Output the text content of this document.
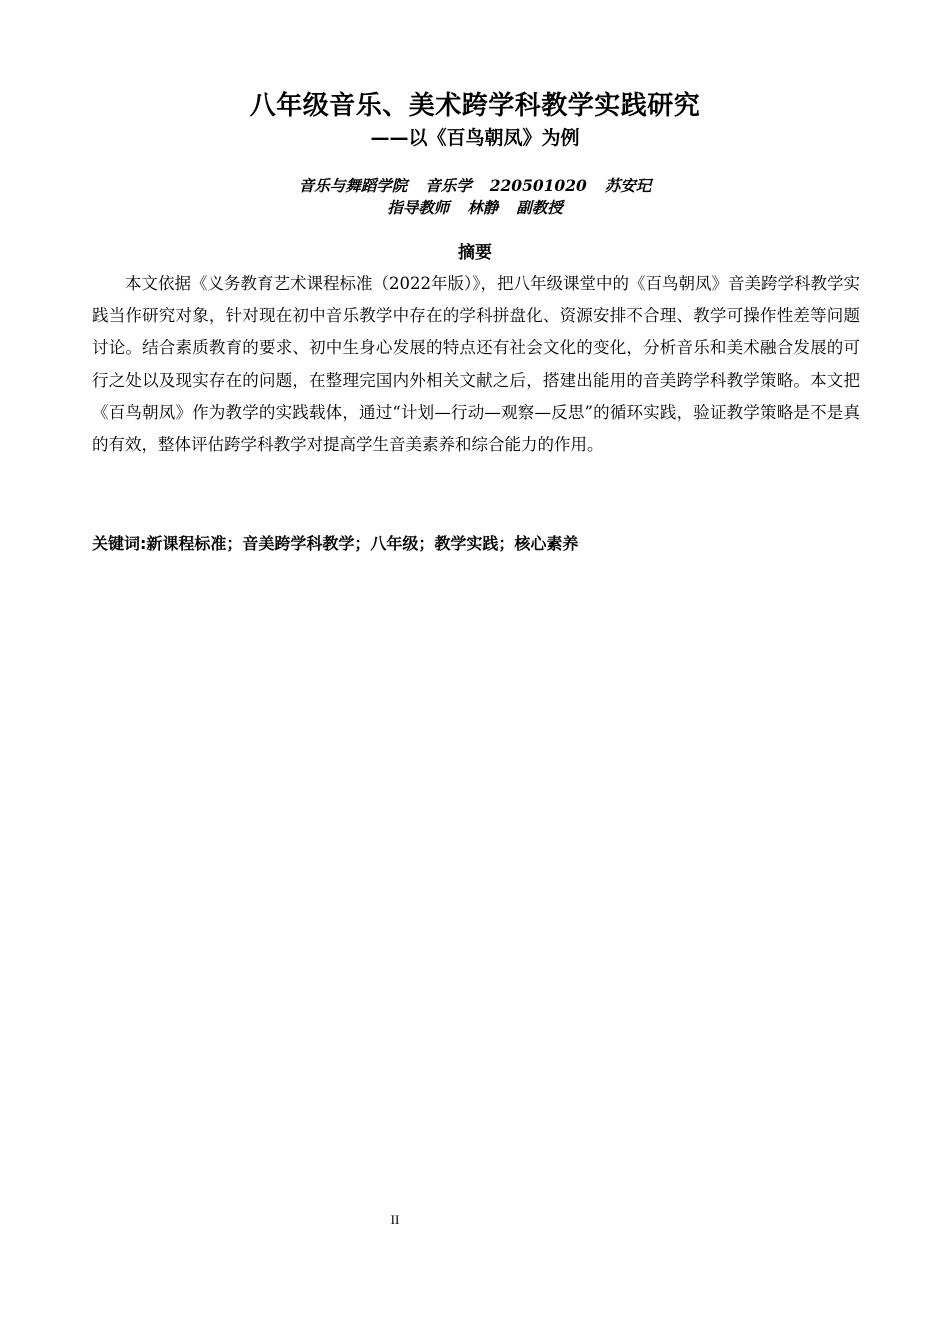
八年级音乐、美术跨学科教学实践研究
——以《百鸟朝凤》为例
音乐与舞蹈学院 音乐学 220501020 苏安玘
指导教师 林静 副教授
摘要
本文依据《义务教育艺术课程标准（2022年版）》，把八年级课堂中的《百鸟朝凤》音美跨学科教学实践当作研究对象，针对现在初中音乐教学中存在的学科拼盘化、资源安排不合理、教学可操作性差等问题讨论。结合素质教育的要求、初中生身心发展的特点还有社会文化的变化，分析音乐和美术融合发展的可行之处以及现实存在的问题，在整理完国内外相关文献之后，搭建出能用的音美跨学科教学策略。本文把《百鸟朝凤》作为教学的实践载体，通过“计划—行动—观察—反思”的循环实践，验证教学策略是不是真的有效，整体评估跨学科教学对提高学生音美素养和综合能力的作用。
关键词:新课程标准；音美跨学科教学；八年级；教学实践；核心素养
II
